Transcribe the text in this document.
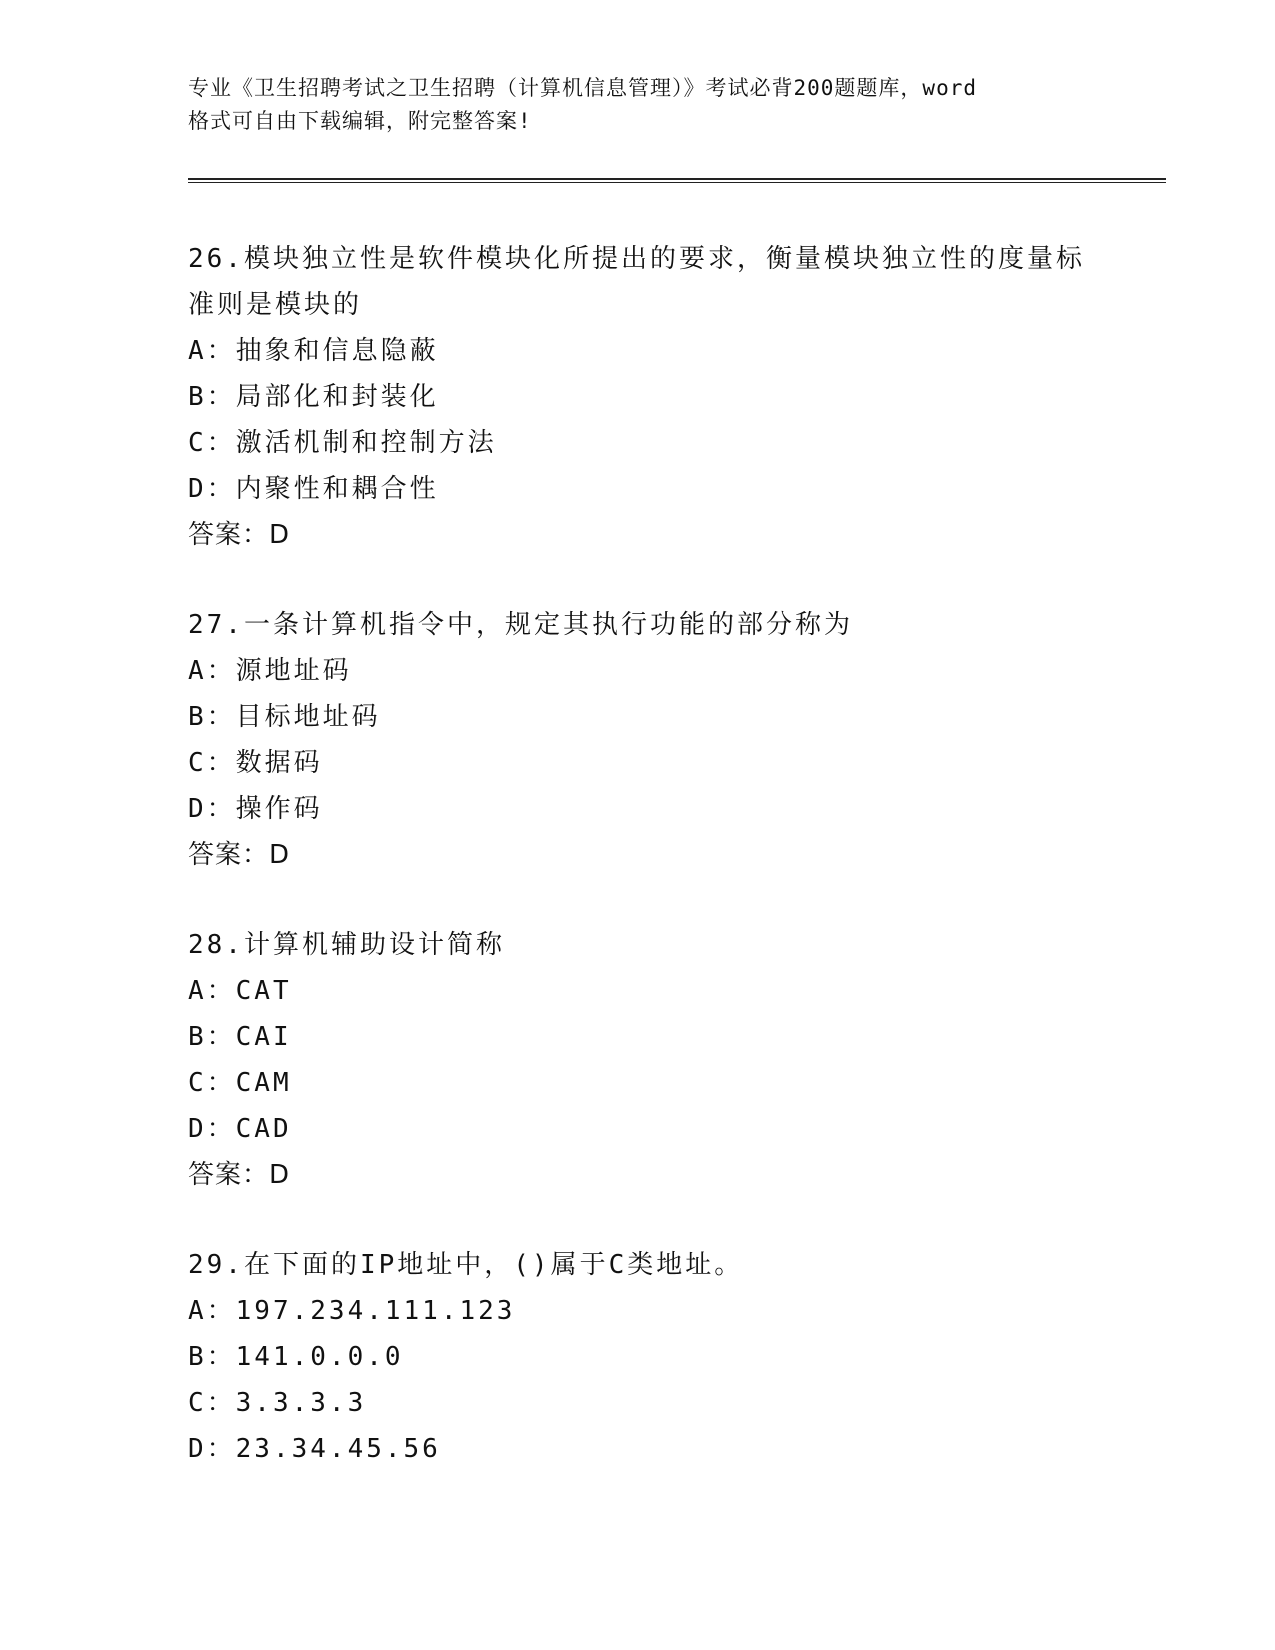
专业《卫生招聘考试之卫生招聘（计算机信息管理）》考试必背200题题库，word
格式可自由下载编辑，附完整答案!
26.模块独立性是软件模块化所提出的要求，衡量模块独立性的度量标
准则是模块的
A：抽象和信息隐蔽
B：局部化和封装化
C：激活机制和控制方法
D：内聚性和耦合性
答案：D
27.一条计算机指令中，规定其执行功能的部分称为
A：源地址码
B：目标地址码
C：数据码
D：操作码
答案：D
28.计算机辅助设计简称
A：CAT
B：CAI
C：CAM
D：CAD
答案：D
29.在下面的IP地址中，()属于C类地址。
A：197.234.111.123
B：141.0.0.0
C：3.3.3.3
D：23.34.45.56
